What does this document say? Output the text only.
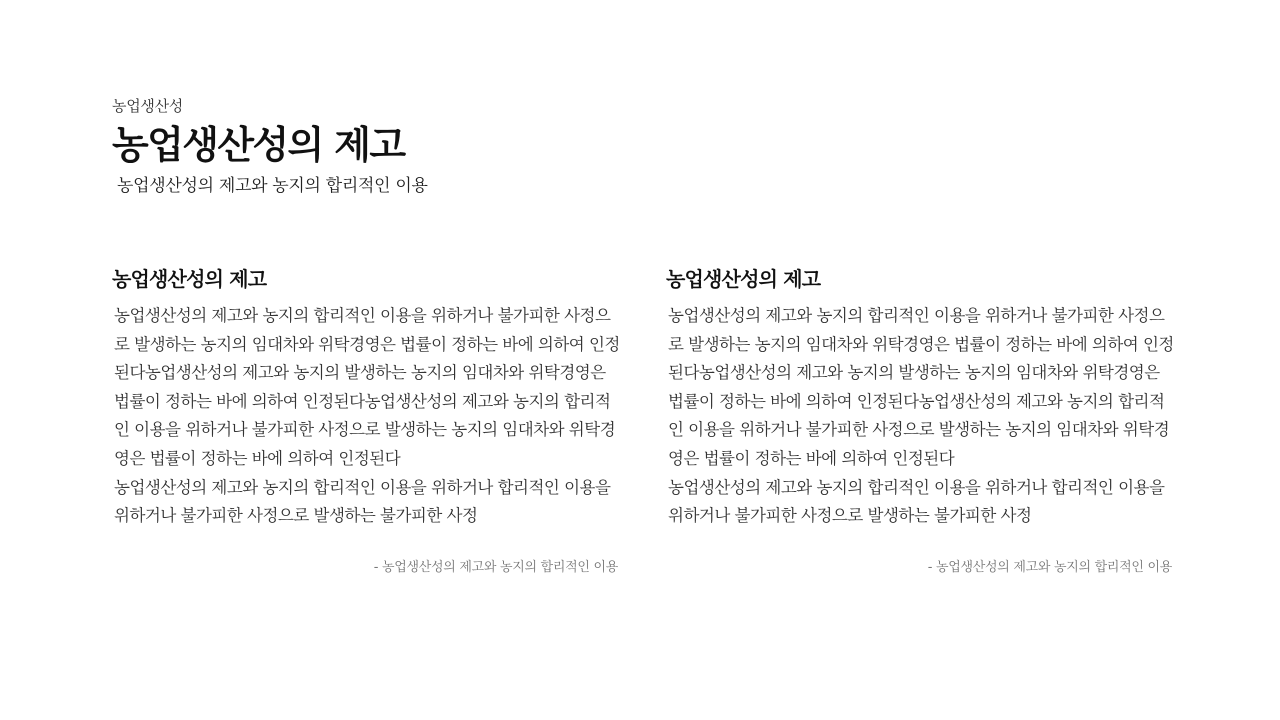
농업생산성
농업생산성의 제고
농업생산성의 제고와 농지의 합리적인 이용
농업생산성의 제고

농업생산성의 제고와 농지의 합리적인 이용을 위하거나 불가피한 사정으로 발생하는 농지의 임대차와 위탁경영은 법률이 정하는 바에 의하여 인정된다농업생산성의 제고와 농지의 발생하는 농지의 임대차와 위탁경영은 법률이 정하는 바에 의하여 인정된다농업생산성의 제고와 농지의 합리적인 이용을 위하거나 불가피한 사정으로 발생하는 농지의 임대차와 위탁경영은 법률이 정하는 바에 의하여 인정된다

농업생산성의 제고와 농지의 합리적인 이용을 위하거나 합리적인 이용을 위하거나 불가피한 사정으로 발생하는 불가피한 사정

- 농업생산성의 제고와 농지의 합리적인 이용
농업생산성의 제고

농업생산성의 제고와 농지의 합리적인 이용을 위하거나 불가피한 사정으로 발생하는 농지의 임대차와 위탁경영은 법률이 정하는 바에 의하여 인정된다농업생산성의 제고와 농지의 발생하는 농지의 임대차와 위탁경영은 법률이 정하는 바에 의하여 인정된다농업생산성의 제고와 농지의 합리적인 이용을 위하거나 불가피한 사정으로 발생하는 농지의 임대차와 위탁경영은 법률이 정하는 바에 의하여 인정된다

농업생산성의 제고와 농지의 합리적인 이용을 위하거나 합리적인 이용을 위하거나 불가피한 사정으로 발생하는 불가피한 사정

- 농업생산성의 제고와 농지의 합리적인 이용
